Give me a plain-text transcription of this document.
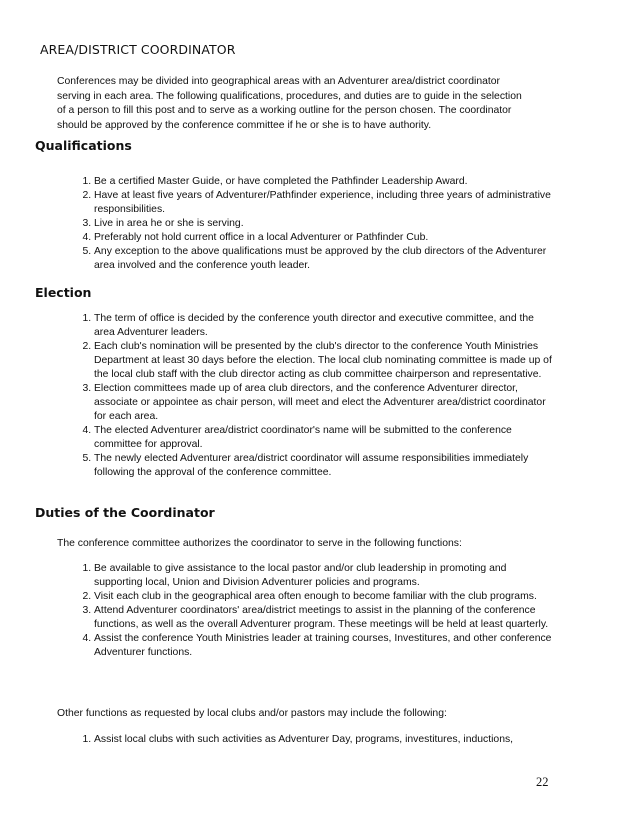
AREA/DISTRICT COORDINATOR
Conferences may be divided into geographical areas with an Adventurer area/district coordinator serving in each area. The following qualifications, procedures, and duties are to guide in the selection of a person to fill this post and to serve as a working outline for the person chosen. The coordinator should be approved by the conference committee if he or she is to have authority.
Qualifications
1. Be a certified Master Guide, or have completed the Pathfinder Leadership Award.
2. Have at least five years of Adventurer/Pathfinder experience, including three years of administrative responsibilities.
3. Live in area he or she is serving.
4. Preferably not hold current office in a local Adventurer or Pathfinder Cub.
5. Any exception to the above qualifications must be approved by the club directors of the Adventurer area involved and the conference youth leader.
Election
1. The term of office is decided by the conference youth director and executive committee, and the area Adventurer leaders.
2. Each club's nomination will be presented by the club's director to the conference Youth Ministries Department at least 30 days before the election. The local club nominating committee is made up of the local club staff with the club director acting as club committee chairperson and representative.
3. Election committees made up of area club directors, and the conference Adventurer director, associate or appointee as chair person, will meet and elect the Adventurer area/district coordinator for each area.
4. The elected Adventurer area/district coordinator's name will be submitted to the conference committee for approval.
5. The newly elected Adventurer area/district coordinator will assume responsibilities immediately following the approval of the conference committee.
Duties of the Coordinator
The conference committee authorizes the coordinator to serve in the following functions:
1. Be available to give assistance to the local pastor and/or club leadership in promoting and supporting local, Union and Division Adventurer policies and programs.
2. Visit each club in the geographical area often enough to become familiar with the club programs.
3. Attend Adventurer coordinators' area/district meetings to assist in the planning of the conference functions, as well as the overall Adventurer program. These meetings will be held at least quarterly.
4. Assist the conference Youth Ministries leader at training courses, Investitures, and other conference Adventurer functions.
Other functions as requested by local clubs and/or pastors may include the following:
1. Assist local clubs with such activities as Adventurer Day, programs, investitures, inductions,
22
